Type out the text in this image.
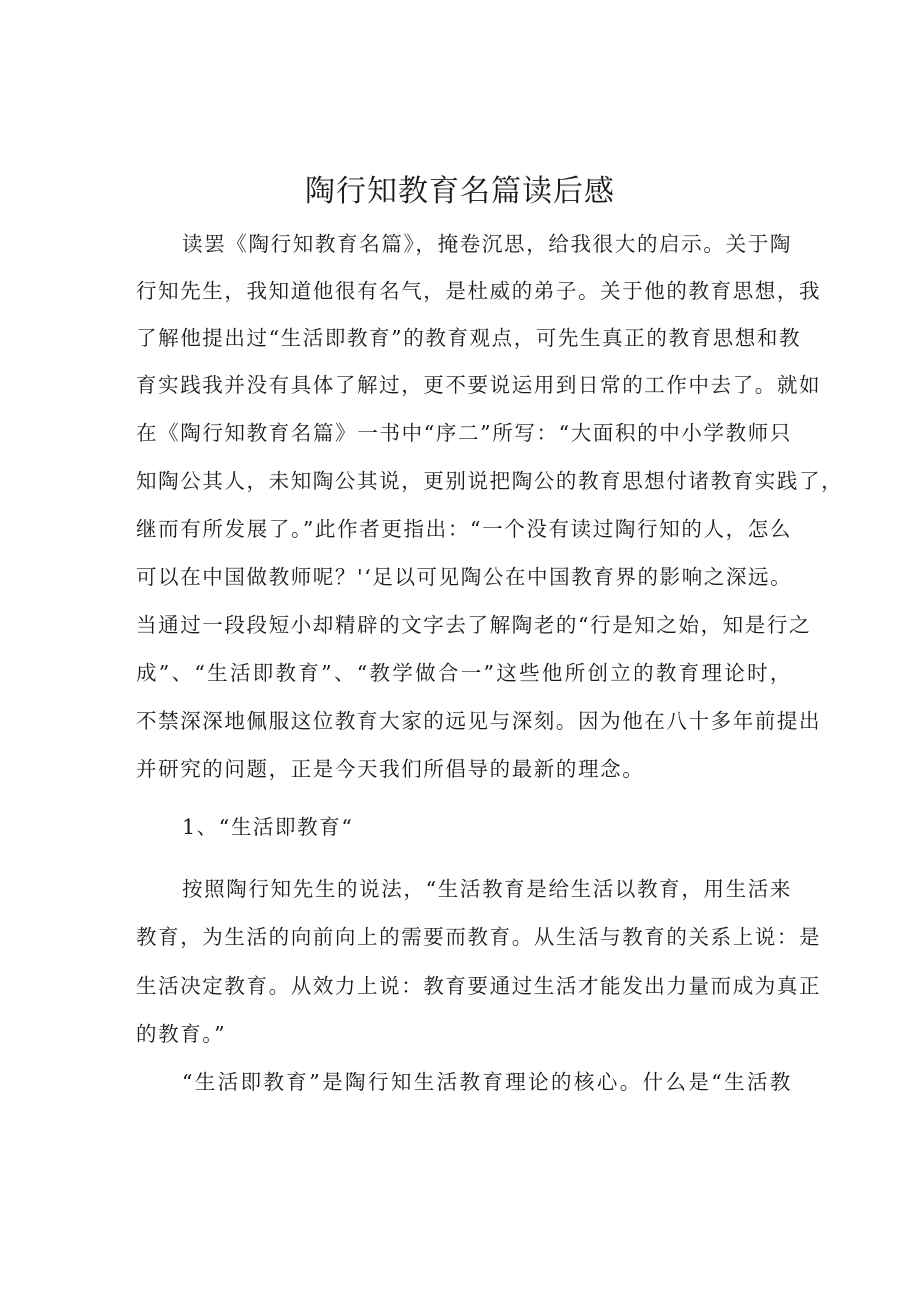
陶行知教育名篇读后感
读罢《陶行知教育名篇》，掩卷沉思，给我很大的启示。关于陶
行知先生，我知道他很有名气，是杜威的弟子。关于他的教育思想，我
了解他提出过“生活即教育”的教育观点，可先生真正的教育思想和教
育实践我并没有具体了解过，更不要说运用到日常的工作中去了。就如
在《陶行知教育名篇》一书中“序二”所写：“大面积的中小学教师只
知陶公其人，未知陶公其说，更别说把陶公的教育思想付诸教育实践了，
继而有所发展了。”此作者更指出：“一个没有读过陶行知的人，怎么
可以在中国做教师呢？'‘足以可见陶公在中国教育界的影响之深远。
当通过一段段短小却精辟的文字去了解陶老的“行是知之始，知是行之
成”、“生活即教育”、“教学做合一”这些他所创立的教育理论时，
不禁深深地佩服这位教育大家的远见与深刻。因为他在八十多年前提出
并研究的问题，正是今天我们所倡导的最新的理念。
1、“生活即教育“
按照陶行知先生的说法，“生活教育是给生活以教育，用生活来
教育，为生活的向前向上的需要而教育。从生活与教育的关系上说：是
生活决定教育。从效力上说：教育要通过生活才能发出力量而成为真正
的教育。”
“生活即教育”是陶行知生活教育理论的核心。什么是“生活教
